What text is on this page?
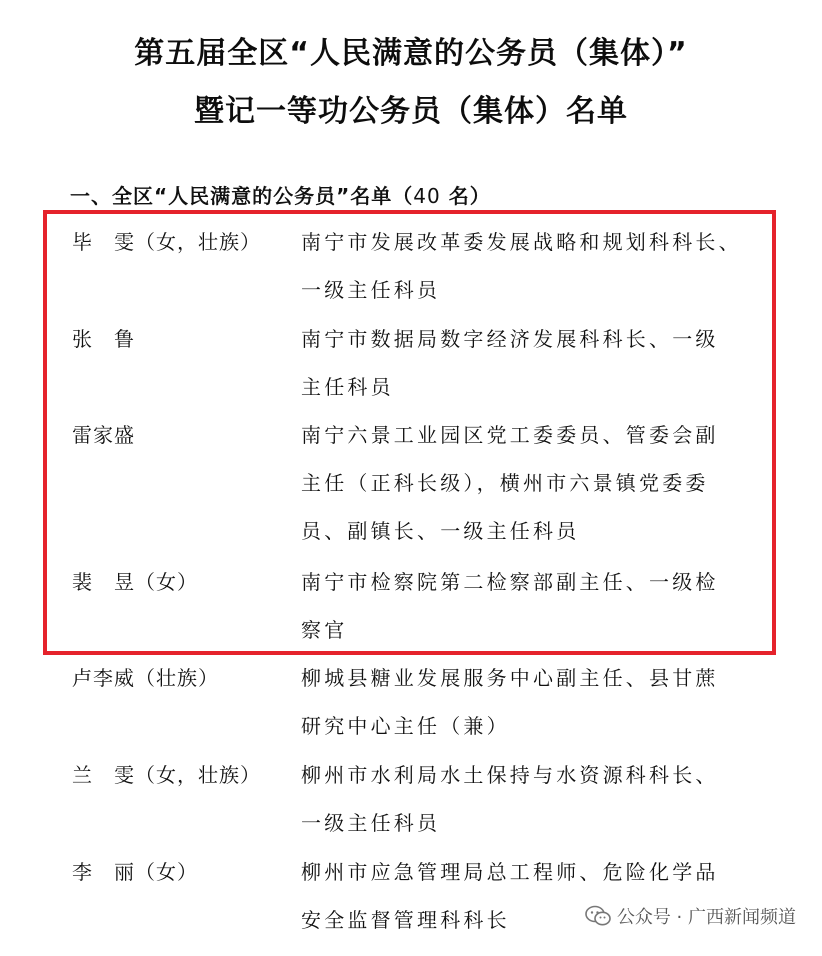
第五届全区“人民满意的公务员（集体）”
暨记一等功公务员（集体）名单
一、全区“人民满意的公务员”名单（40 名）
毕　雯（女，壮族） 南宁市发展改革委发展战略和规划科科长、
一级主任科员
张　鲁	南宁市数据局数字经济发展科科长、一级
主任科员
雷家盛	南宁六景工业园区党工委委员、管委会副
主任（正科长级），横州市六景镇党委委
员、副镇长、一级主任科员
裴　昱（女）	南宁市检察院第二检察部副主任、一级检
察官
卢李威（壮族）	柳城县糖业发展服务中心副主任、县甘蔗
研究中心主任（兼）
兰　雯（女，壮族） 柳州市水利局水土保持与水资源科科长、
一级主任科员
李　丽（女）	柳州市应急管理局总工程师、危险化学品
安全监督管理科科长	公众号 · 广西新闻频道
